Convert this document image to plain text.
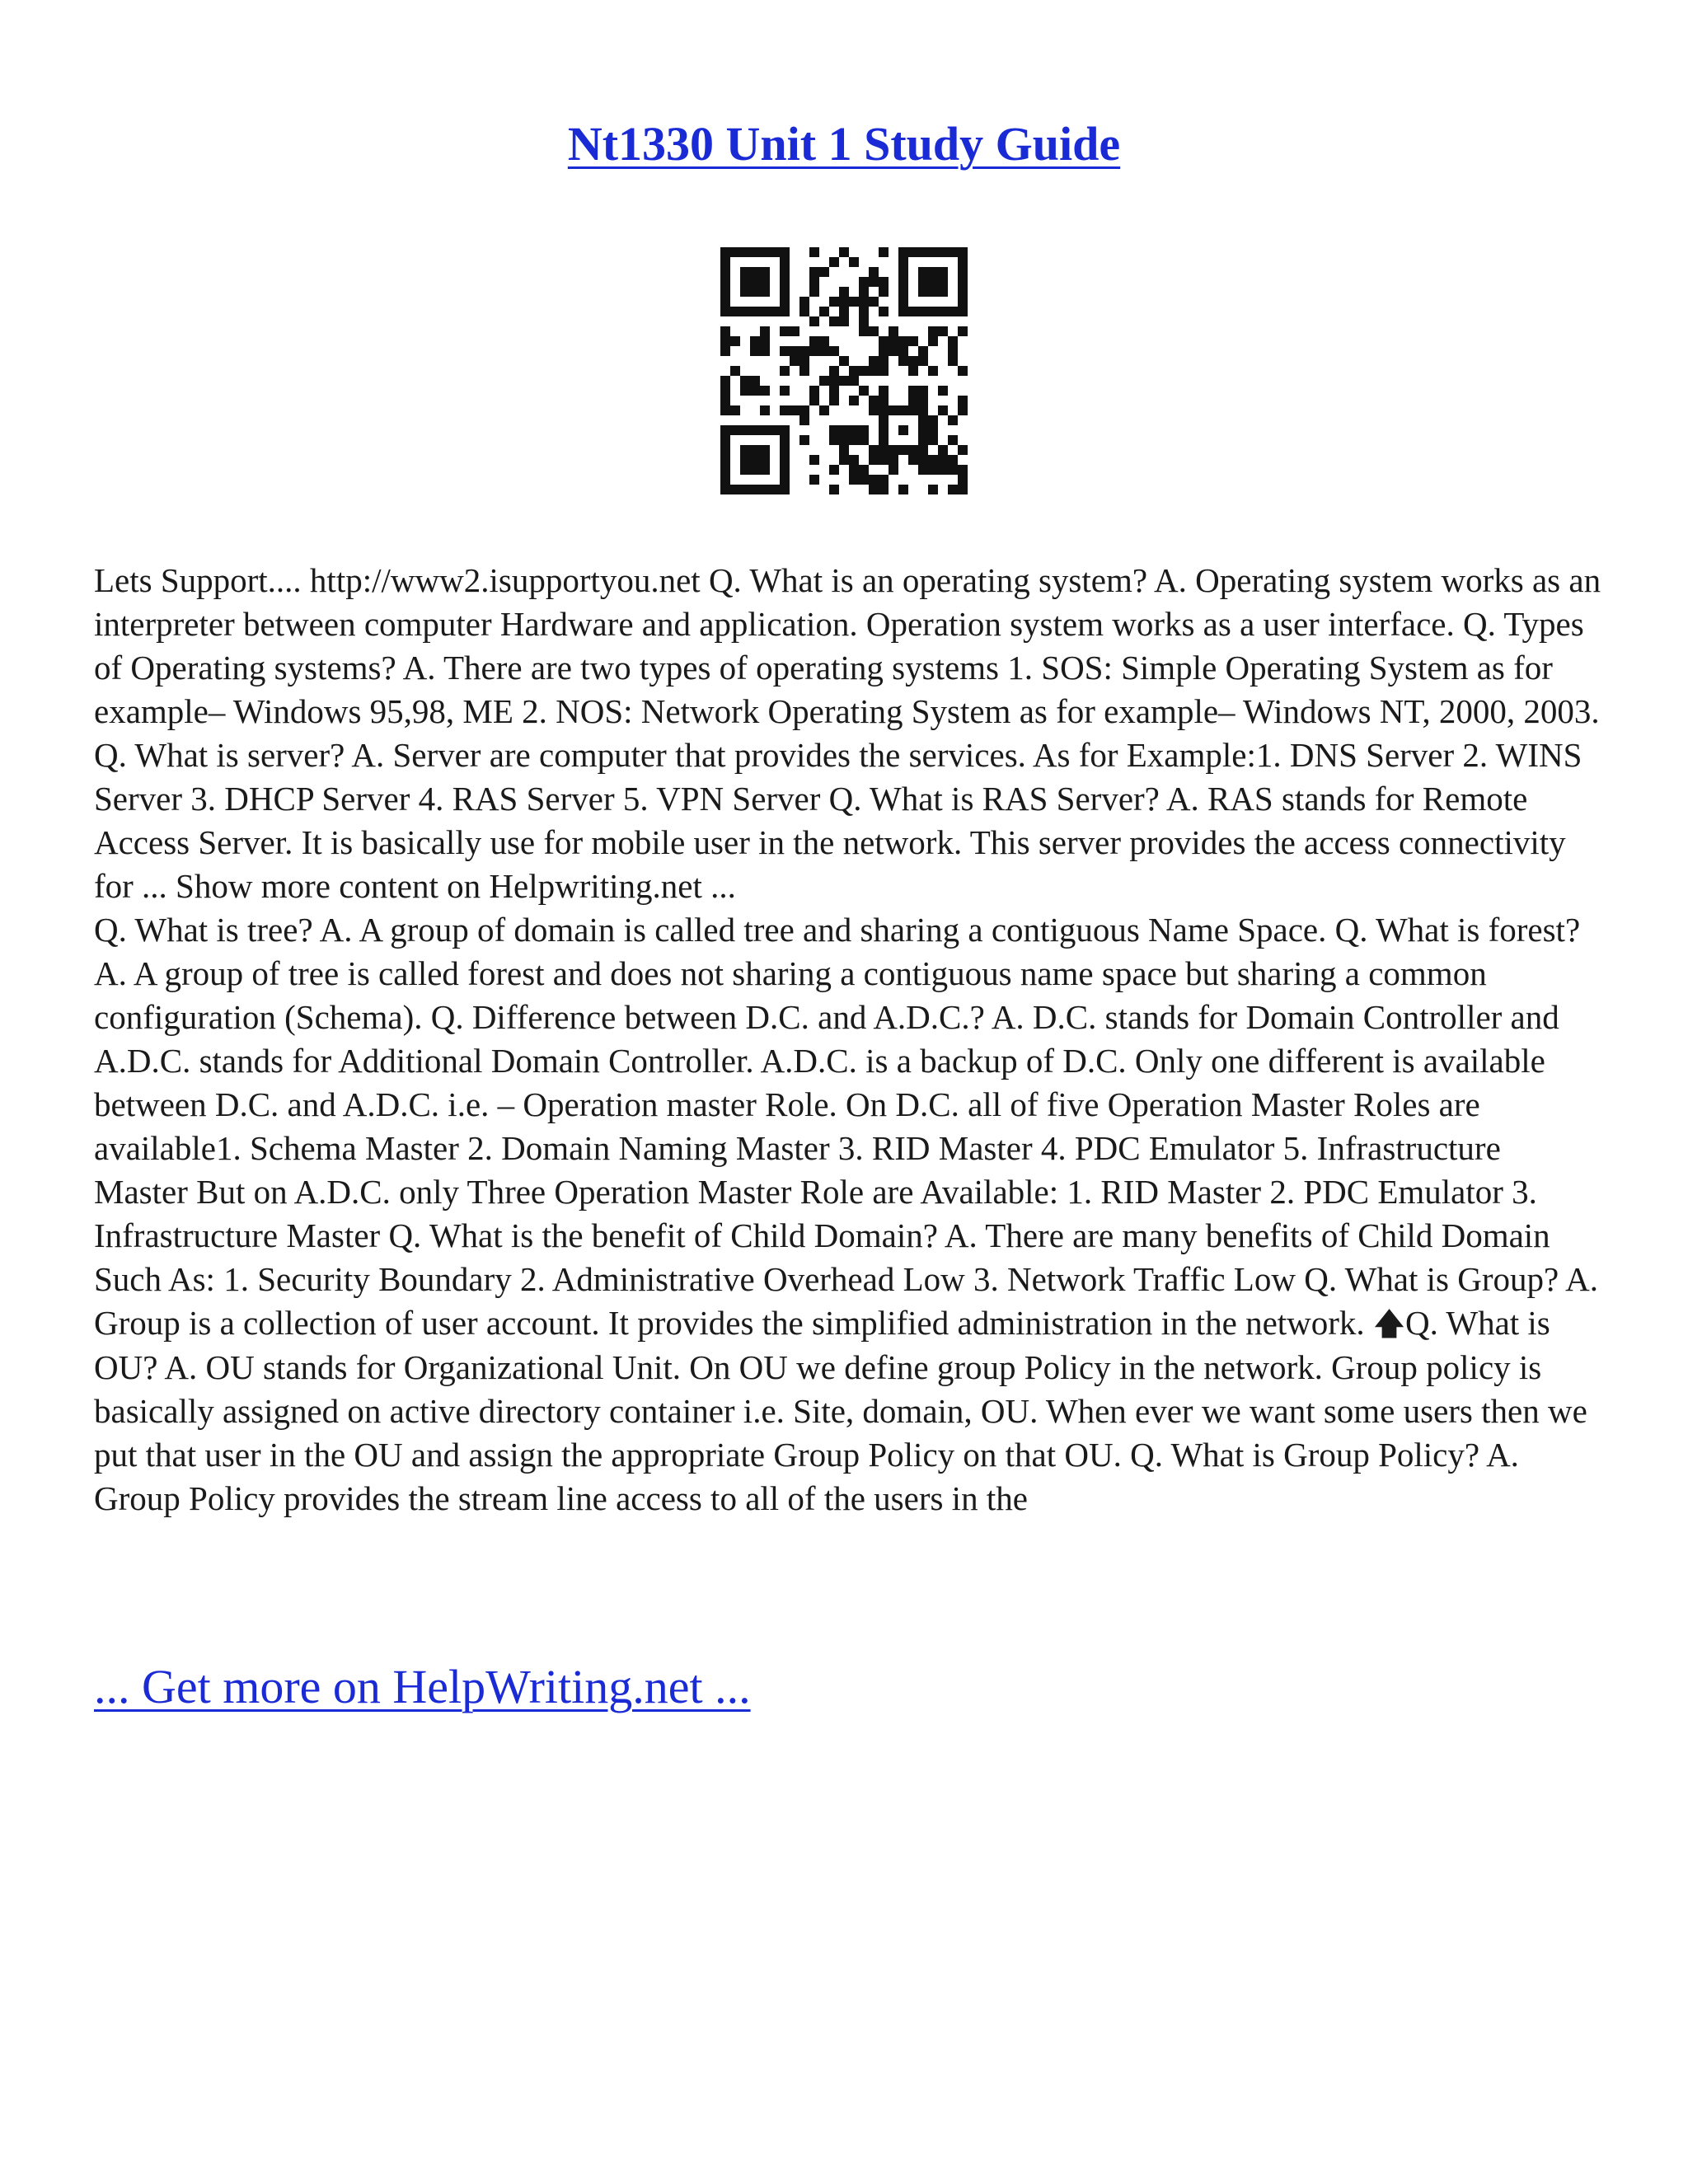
Nt1330 Unit 1 Study Guide

Lets Support.... http://www2.isupportyou.net Q. What is an operating system? A. Operating system works as an interpreter between computer Hardware and application. Operation system works as a user interface. Q. Types of Operating systems? A. There are two types of operating systems 1. SOS: Simple Operating System as for example– Windows 95,98, ME 2. NOS: Network Operating System as for example– Windows NT, 2000, 2003. Q. What is server? A. Server are computer that provides the services. As for Example:1. DNS Server 2. WINS Server 3. DHCP Server 4. RAS Server 5. VPN Server Q. What is RAS Server? A. RAS stands for Remote Access Server. It is basically use for mobile user in the network. This server provides the access connectivity for ... Show more content on Helpwriting.net ...

Q. What is tree? A. A group of domain is called tree and sharing a contiguous Name Space. Q. What is forest? A. A group of tree is called forest and does not sharing a contiguous name space but sharing a common configuration (Schema). Q. Difference between D.C. and A.D.C.? A. D.C. stands for Domain Controller and A.D.C. stands for Additional Domain Controller. A.D.C. is a backup of D.C. Only one different is available between D.C. and A.D.C. i.e. – Operation master Role. On D.C. all of five Operation Master Roles are available1. Schema Master 2. Domain Naming Master 3. RID Master 4. PDC Emulator 5. Infrastructure Master But on A.D.C. only Three Operation Master Role are Available: 1. RID Master 2. PDC Emulator 3. Infrastructure Master Q. What is the benefit of Child Domain? A. There are many benefits of Child Domain Such As: 1. Security Boundary 2. Administrative Overhead Low 3. Network Traffic Low Q. What is Group? A. Group is a collection of user account. It provides the simplified administration in the network. 🡅Q. What is OU? A. OU stands for Organizational Unit. On OU we define group Policy in the network. Group policy is basically assigned on active directory container i.e. Site, domain, OU. When ever we want some users then we put that user in the OU and assign the appropriate Group Policy on that OU. Q. What is Group Policy? A. Group Policy provides the stream line access to all of the users in the

... Get more on HelpWriting.net ...
